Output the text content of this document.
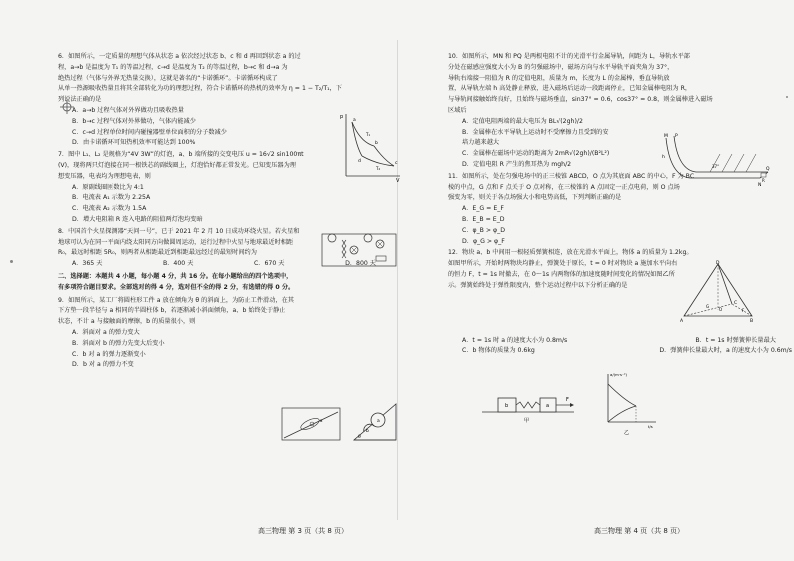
6．如图所示，一定质量的理想气体从状态 a 依次经过状态 b、c 和 d 再回到状态 a 的过

程，a→b 是温度为 T₁ 的等温过程，c→d 是温度为 T₂ 的等温过程，b→c 和 d→a 为

绝热过程（气体与外界无热量交换），这就是著名的“卡诺循环”。卡诺循环构成了

从单一热源吸收热量且将其全部转化为功的理想过程，符合卡诺循环的热机的效率为 η = 1 − T₂/T₁，下

列说法正确的是

A．a→b 过程气体对外界做功且吸收热量

B．b→c 过程气体对外界做功，气体内能减少

C．c→d 过程单位时间内碰撞器壁单位面积的分子数减少

D．由卡诺循环可知热机效率可能达到 100%

7．图中 L₁、L₂ 是规格为“4V 3W”的灯泡，a、b 端所接的交变电压 u = 16√2 sin100πt

(V)，现将两只灯泡接在同一根铁芯的副线圈上，灯泡恰好都正常发光。已知变压器为理

想变压器，电表均为理想电表，则

A．原副线圈匝数比为 4:1

B．电流表 A₁ 示数为 2.25A

C．电流表 A₂ 示数为 1.5A

D．增大电阻箱 R 连入电路的阻值两灯泡均变暗

8．中国首个火星探测器“天问一号”，已于 2021 年 2 月 10 日成功环绕火星。若火星和

地球可认为在同一平面内绕太阳同方向做圆周运动，运行过程中火星与地球最近时相距

R₀，最远时相距 5R₀，则两者从相距最近到相距最远经过的最短时间约为

A．365 天	B．400 天	C．670 天	D．800 天

二、选择题：本题共 4 小题，每小题 4 分，共 16 分。在每小题给出的四个选项中，

有多项符合题目要求。全部选对的得 4 分，选对但不全的得 2 分，有选错的得 0 分。

9．如图所示，某工厂将圆柱形工件 a 放在倾角为 θ 的斜面上，为防止工件滑动，在其

下方垫一段半径与 a 相同的半圆柱体 b，若逐渐减小斜面倾角，a、b 始终处于静止

状态，不计 a 与接触面的摩擦，b 的质量很小，则

A．斜面对 a 的弹力变大

B．斜面对 b 的弹力先变大后变小

C．b 对 a 的弹力逐渐变小

D．b 对 a 的弹力不变

p
V
a
b
c
d
T₁
T₂
a	a
b
θ

10．如图所示，MN 和 PQ 是两根电阻不计的光滑平行金属导轨，间距为 L，导轨水平部

分处在磁感应强度大小为 B 的匀强磁场中，磁场方向与水平导轨平面夹角为 37°，

导轨右端接一阻值为 R 的定值电阻，质量为 m，长度为 L 的金属棒，垂直导轨放

置，从导轨左端 h 高处静止释放，进入磁场后运动一段距离停止，已知金属棒电阻为 R，

与导轨间接触始终良好，且始终与磁场垂直，sin37° = 0.6，cos37° = 0.8，则金属棒进入磁场

区域后

A．定值电阻两端的最大电压为 BL√(2gh)/2

B．金属棒在水平导轨上运动时不受摩擦力且受到的安

培力越来越大

C．金属棒在磁场中运动的距离为 2mR√(2gh)/(B²L²)

D．定值电阻 R 产生的焦耳热为 mgh/2

11．如图所示，处在匀强电场中的正三棱锥 ABCD，O 点为其底面 ABC 的中心，F 为 BC

棱的中点，G 点和 F 点关于 O 点对称，在三棱锥的 A 点固定一正点电荷，则 O 点场

强变为零，则关于各点场强大小和电势高低，下列判断正确的是

A．E_G = E_F

B．E_B = E_D

C．φ_B > φ_D

D．φ_G > φ_F

12．物块 a、b 中间用一根轻质弹簧相连，放在光滑水平面上，物体 a 的质量为 1.2kg。

如图甲所示，开始时两物块均静止，弹簧处于原长，t = 0 时对物块 a 施加水平向右

的恒力 F，t = 1s 时撤去，在 0～1s 内两物体的加速度随时间变化的情况如图乙所

示。弹簧始终处于弹性限度内，整个运动过程中以下分析正确的是

A．t = 1s 时 a 的速度大小为 0.8m/s	B．t = 1s 时弹簧伸长量最大

C．b 物体的质量为 0.6kg	D．弹簧伸长量最大时，a 的速度大小为 0.6m/s

M P
N
Q
R
h
37°
D
A	B
C
O	F
G
b	a
F
甲
a/(m·s⁻²)
t/s
乙
高三物理 第 3 页（共 8 页）	高三物理 第 4 页（共 8 页）
